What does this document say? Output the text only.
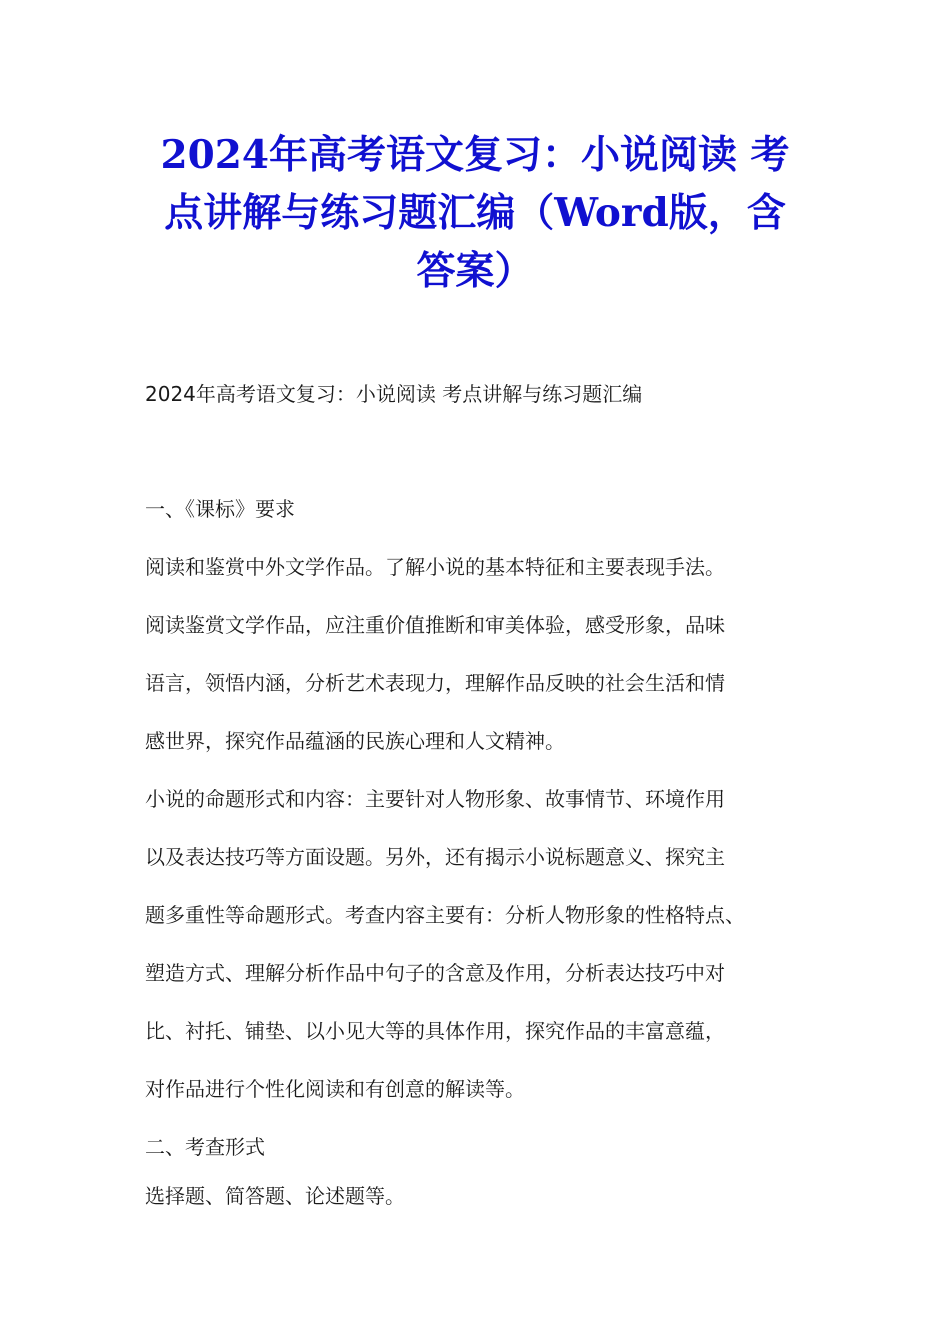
2024年高考语文复习：小说阅读 考
点讲解与练习题汇编（Word版，含
答案）

2024年高考语文复习：小说阅读 考点讲解与练习题汇编

一、《课标》要求

阅读和鉴赏中外文学作品。了解小说的基本特征和主要表现手法。
阅读鉴赏文学作品，应注重价值推断和审美体验，感受形象，品味
语言，领悟内涵，分析艺术表现力，理解作品反映的社会生活和情
感世界，探究作品蕴涵的民族心理和人文精神。
小说的命题形式和内容：主要针对人物形象、故事情节、环境作用
以及表达技巧等方面设题。另外，还有揭示小说标题意义、探究主
题多重性等命题形式。考查内容主要有：分析人物形象的性格特点、
塑造方式、理解分析作品中句子的含意及作用，分析表达技巧中对
比、衬托、铺垫、以小见大等的具体作用，探究作品的丰富意蕴，
对作品进行个性化阅读和有创意的解读等。

二、考查形式

选择题、简答题、论述题等。
